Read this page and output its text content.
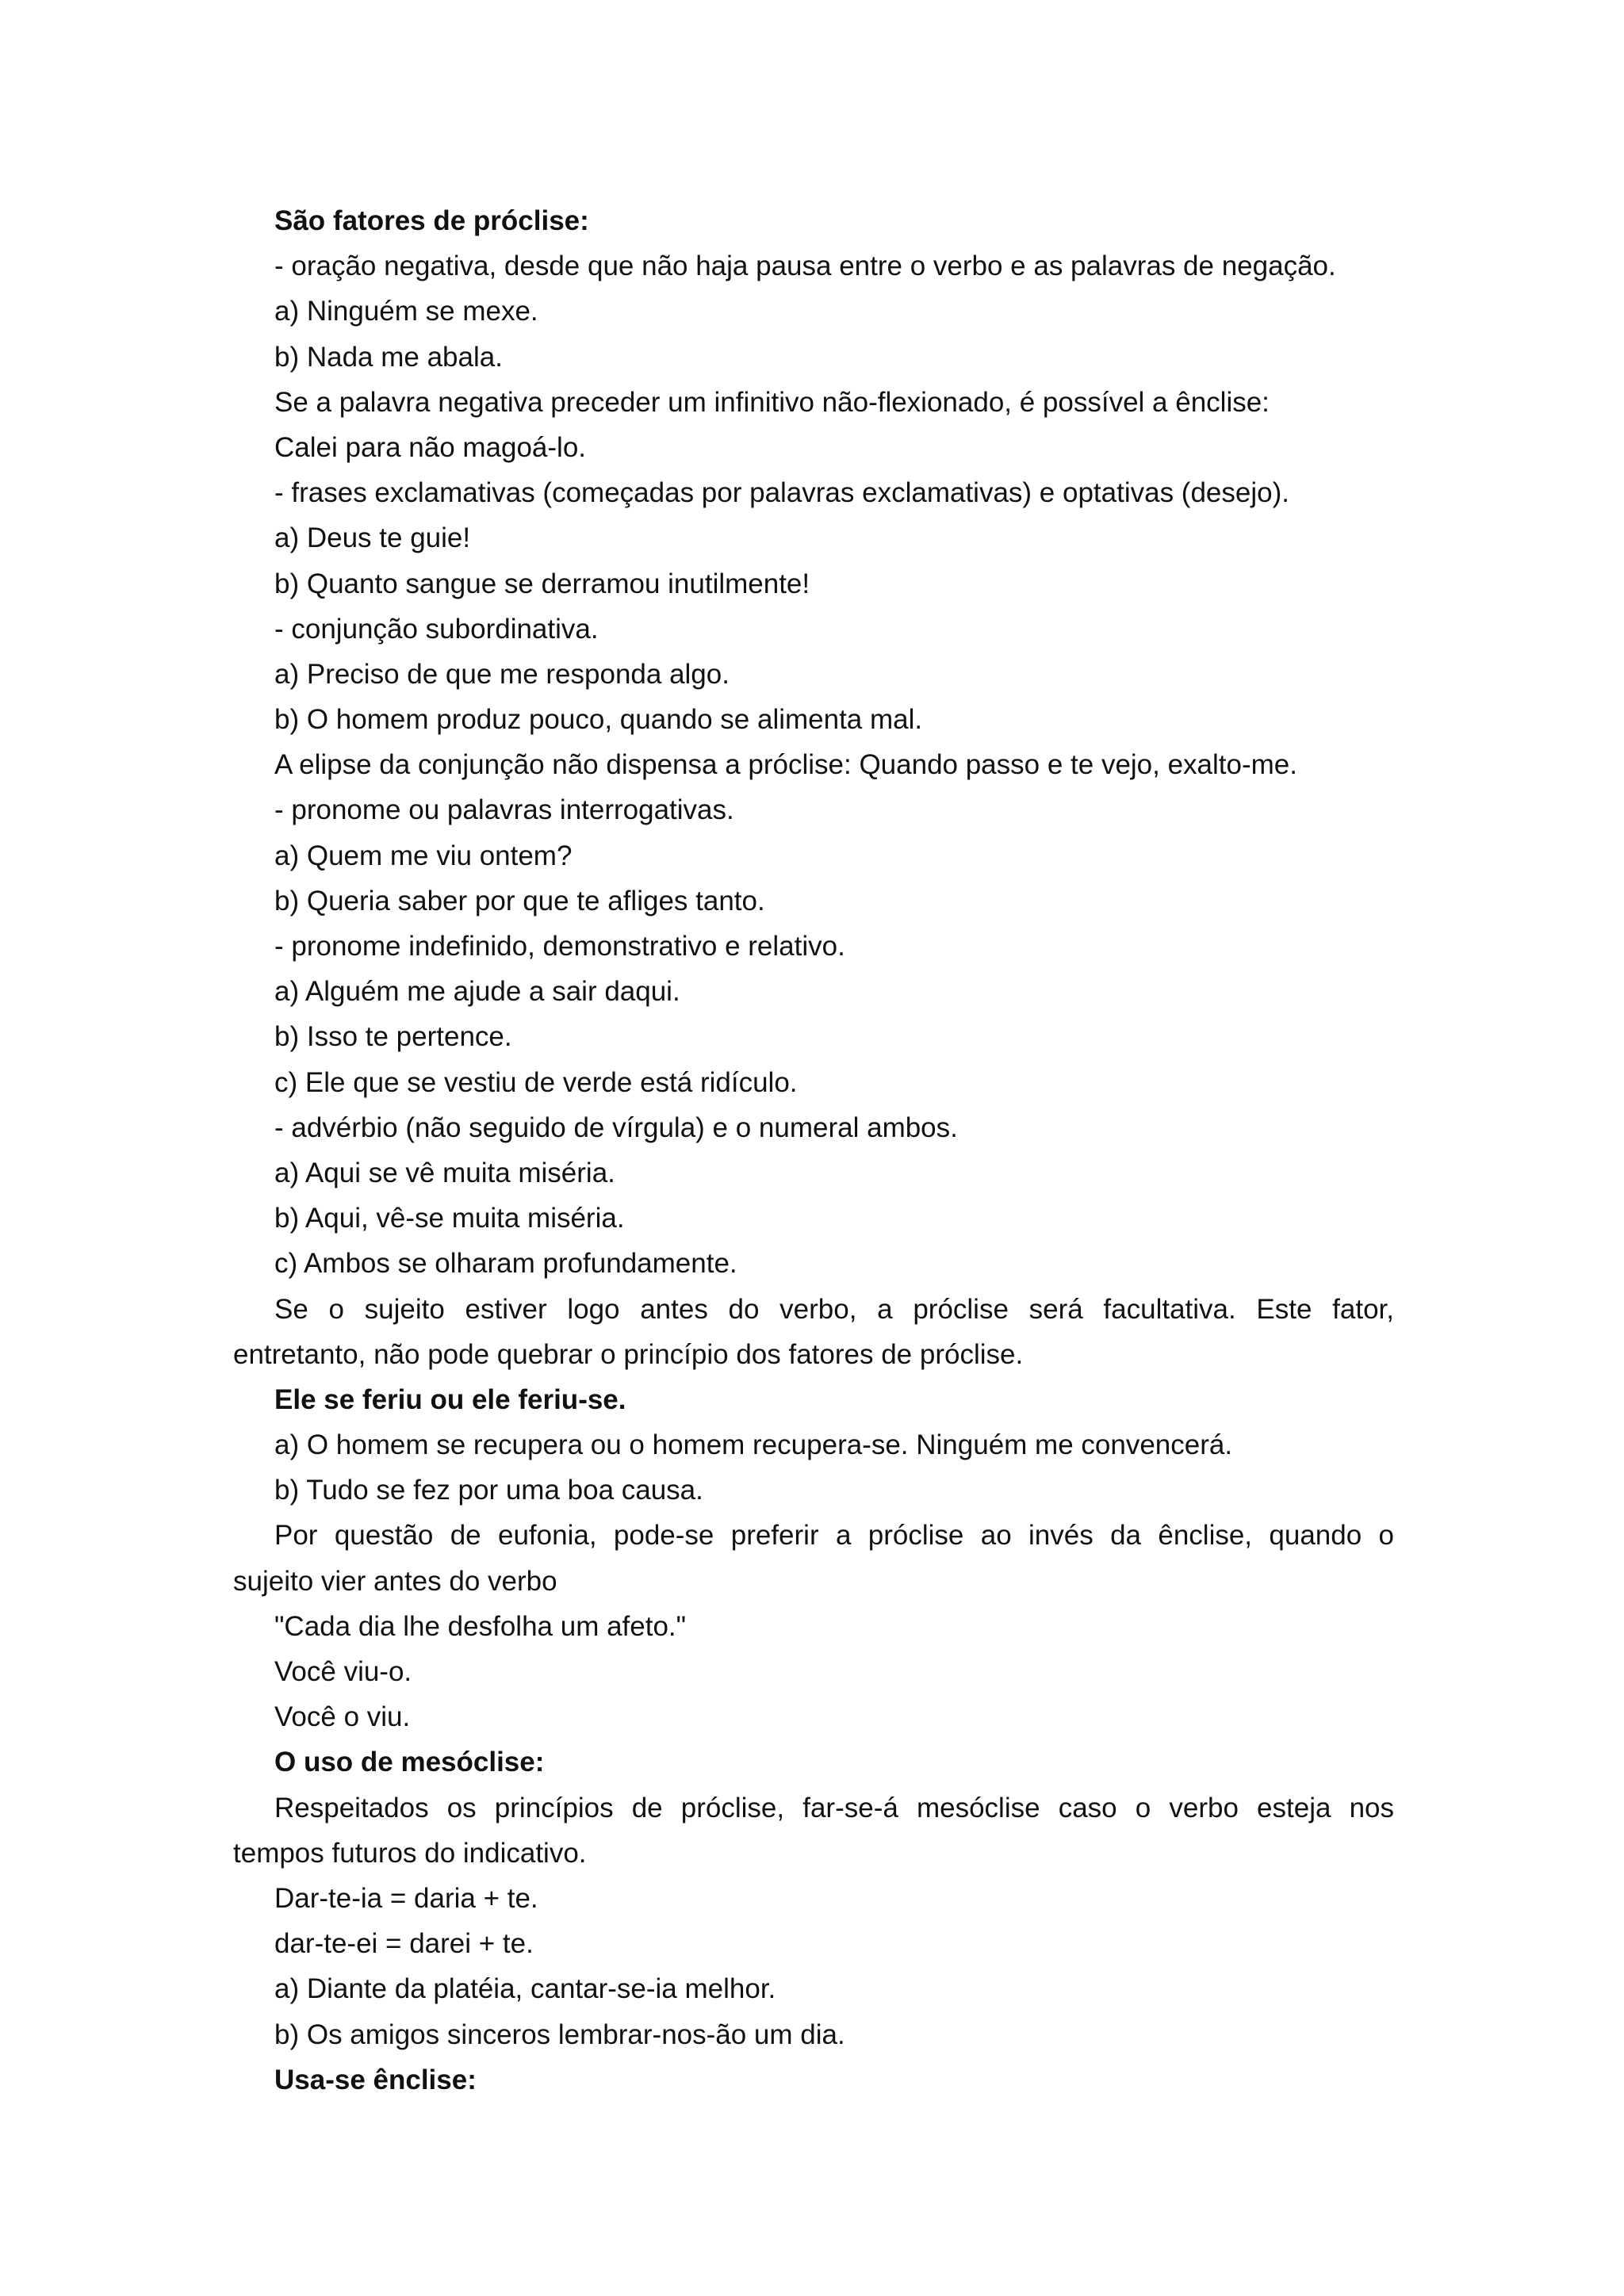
São fatores de próclise:

- oração negativa, desde que não haja pausa entre o verbo e as palavras de negação.

a) Ninguém se mexe.

b) Nada me abala.

Se a palavra negativa preceder um infinitivo não-flexionado, é possível a ênclise:

Calei para não magoá-lo.

- frases exclamativas (começadas por palavras exclamativas) e optativas (desejo).

a) Deus te guie!

b) Quanto sangue se derramou inutilmente!

- conjunção subordinativa.

a) Preciso de que me responda algo.

b) O homem produz pouco, quando se alimenta mal.

A elipse da conjunção não dispensa a próclise: Quando passo e te vejo, exalto-me.

- pronome ou palavras interrogativas.

a) Quem me viu ontem?

b) Queria saber por que te afliges tanto.

- pronome indefinido, demonstrativo e relativo.

a) Alguém me ajude a sair daqui.

b) Isso te pertence.

c) Ele que se vestiu de verde está ridículo.

- advérbio (não seguido de vírgula) e o numeral ambos.

a) Aqui se vê muita miséria.

b) Aqui, vê-se muita miséria.

c) Ambos se olharam profundamente.

Se o sujeito estiver logo antes do verbo, a próclise será facultativa. Este fator,

entretanto, não pode quebrar o princípio dos fatores de próclise.

Ele se feriu ou ele feriu-se.

a) O homem se recupera ou o homem recupera-se. Ninguém me convencerá.

b) Tudo se fez por uma boa causa.

Por questão de eufonia, pode-se preferir a próclise ao invés da ênclise, quando o

sujeito vier antes do verbo

"Cada dia lhe desfolha um afeto."

Você viu-o.

Você o viu.

O uso de mesóclise:

Respeitados os princípios de próclise, far-se-á mesóclise caso o verbo esteja nos

tempos futuros do indicativo.

Dar-te-ia = daria + te.

dar-te-ei = darei + te.

a) Diante da platéia, cantar-se-ia melhor.

b) Os amigos sinceros lembrar-nos-ão um dia.

Usa-se ênclise:
